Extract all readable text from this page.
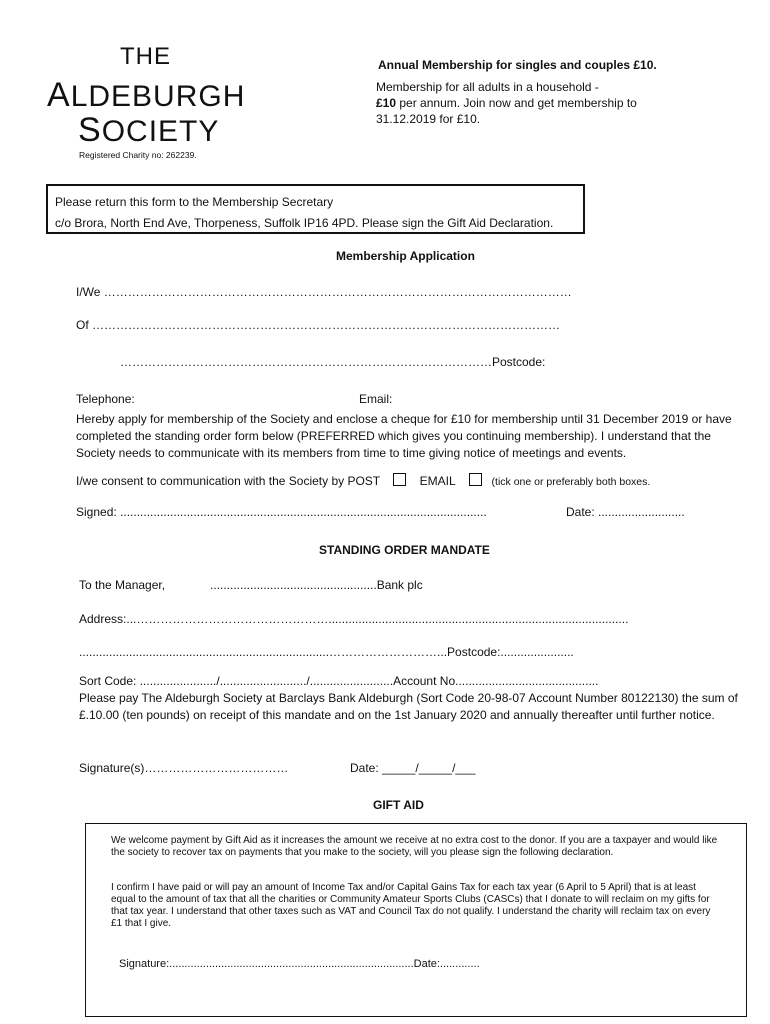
THE
ALDEBURGH
SOCIETY
Registered Charity no: 262239.
Annual Membership for singles and couples £10.
Membership for all adults in a household -
£10 per annum. Join now and get membership to
31.12.2019 for £10.
Please return this form to the Membership Secretary
c/o Brora, North End Ave, Thorpeness, Suffolk IP16 4PD. Please sign the Gift Aid Declaration.
Membership Application
I/We ………………………………………………………………………………………………………
Of ………………………………………………………………………………………………………
…………………………………………………………………………………Postcode:
Telephone:	Email:
Hereby apply for membership of the Society and enclose a cheque for £10 for membership until 31 December 2019 or have completed the standing order form below (PREFERRED which gives you continuing membership). I understand that the Society needs to communicate with its members from time to time giving notice of meetings and events.
I/we consent to communication with the Society by POST	EMAIL	(tick one or preferably both boxes.
Signed: ..............................................................................................................	Date: ..........................
STANDING ORDER MANDATE
To the Manager,	..................................................Bank plc
Address:...…………………………………………..........................................................................................
...........................................................................………………………...Postcode:......................
Sort Code: ......................./........................../.........................Account No...........................................
Please pay The Aldeburgh Society at Barclays Bank Aldeburgh (Sort Code 20-98-07 Account Number 80122130) the sum of £.10.00 (ten pounds) on receipt of this mandate and on the 1st January 2020 and annually thereafter until further notice.
Signature(s)………………………………	Date: _____/_____/___
GIFT AID
We welcome payment by Gift Aid as it increases the amount we receive at no extra cost to the donor. If you are a taxpayer and would like the society to recover tax on payments that you make to the society, will you please sign the following declaration.
I confirm I have paid or will pay an amount of Income Tax and/or Capital Gains Tax for each tax year (6 April to 5 April) that is at least equal to the amount of tax that all the charities or Community Amateur Sports Clubs (CASCs) that I donate to will reclaim on my gifts for that tax year. I understand that other taxes such as VAT and Council Tax do not qualify. I understand the charity will reclaim tax on every £1 that I give.
Signature:................................................................................Date:.............
